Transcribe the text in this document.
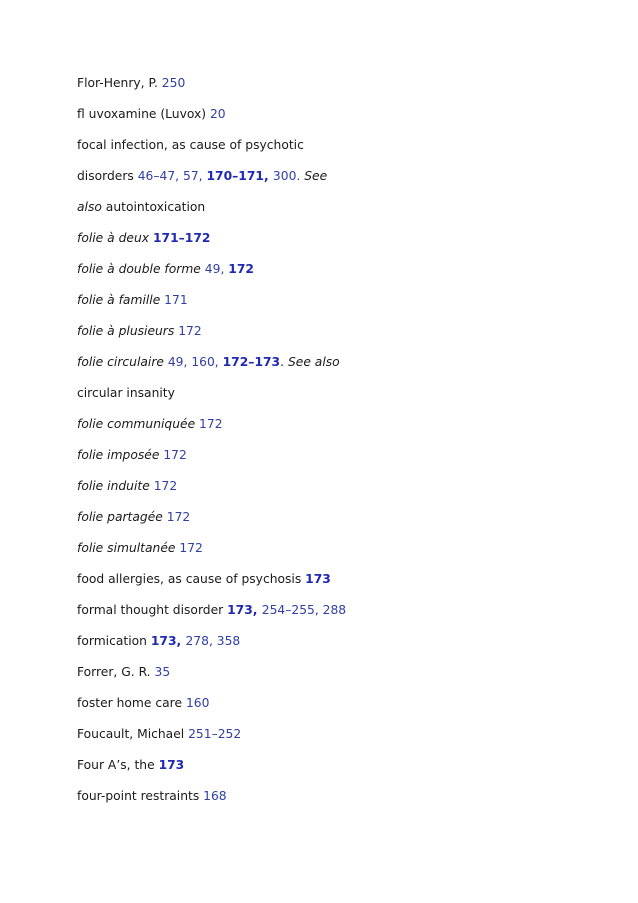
Flor-Henry, P. 250
fl uvoxamine (Luvox) 20
focal infection, as cause of psychotic
disorders 46–47, 57, 170–171, 300. See
also autointoxication
folie à deux 171–172
folie à double forme 49, 172
folie à famille 171
folie à plusieurs 172
folie circulaire 49, 160, 172–173. See also
circular insanity
folie communiquée 172
folie imposée 172
folie induite 172
folie partagée 172
folie simultanée 172
food allergies, as cause of psychosis 173
formal thought disorder 173, 254–255, 288
formication 173, 278, 358
Forrer, G. R. 35
foster home care 160
Foucault, Michael 251–252
Four A’s, the 173
four-point restraints 168
